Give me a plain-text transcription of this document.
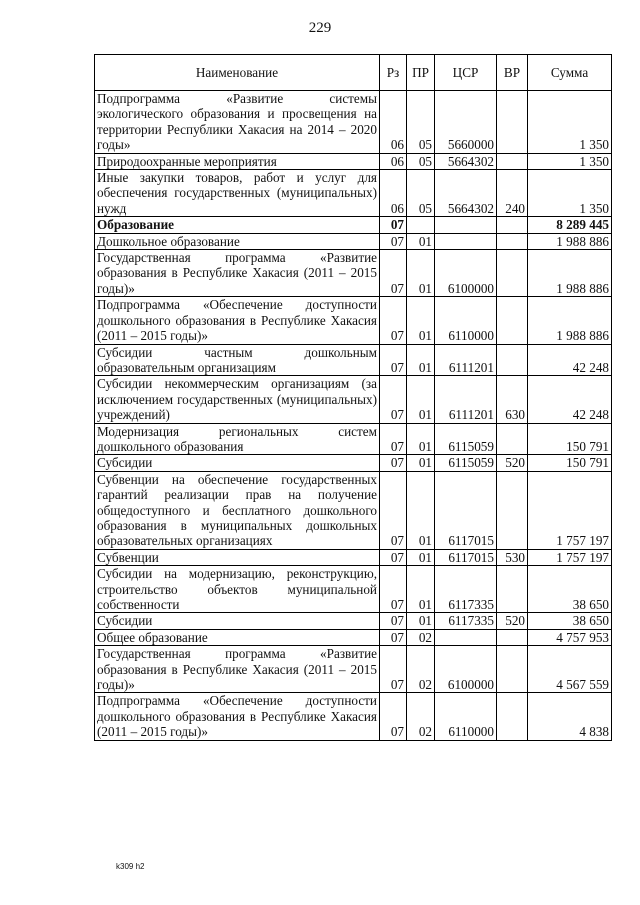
229
Наименование	Рз	ПР	ЦСР	ВР	Сумма
Подпрограмма «Развитие системы экологического образования и просвещения на территории Республики Хакасия на 2014 – 2020 годы»	06	05	5660000		1 350
Природоохранные мероприятия	06	05	5664302		1 350
Иные закупки товаров, работ и услуг для обеспечения государственных (муниципальных) нужд	06	05	5664302	240	1 350
Образование	07				8 289 445
Дошкольное образование	07	01			1 988 886
Государственная программа «Развитие образования в Республике Хакасия (2011 – 2015 годы)»	07	01	6100000		1 988 886
Подпрограмма «Обеспечение доступности дошкольного образования в Республике Хакасия (2011 – 2015 годы)»	07	01	6110000		1 988 886
Субсидии частным дошкольным образовательным организациям	07	01	6111201		42 248
Субсидии некоммерческим организациям (за исключением государственных (муниципальных) учреждений)	07	01	6111201	630	42 248
Модернизация региональных систем дошкольного образования	07	01	6115059		150 791
Субсидии	07	01	6115059	520	150 791
Субвенции на обеспечение государственных гарантий реализации прав на получение общедоступного и бесплатного дошкольного образования в муниципальных дошкольных образовательных организациях	07	01	6117015		1 757 197
Субвенции	07	01	6117015	530	1 757 197
Субсидии на модернизацию, реконструкцию, строительство объектов муниципальной собственности	07	01	6117335		38 650
Субсидии	07	01	6117335	520	38 650
Общее образование	07	02			4 757 953
Государственная программа «Развитие образования в Республике Хакасия (2011 – 2015 годы)»	07	02	6100000		4 567 559
Подпрограмма «Обеспечение доступности дошкольного образования в Республике Хакасия (2011 – 2015 годы)»	07	02	6110000		4 838
k309 h2
